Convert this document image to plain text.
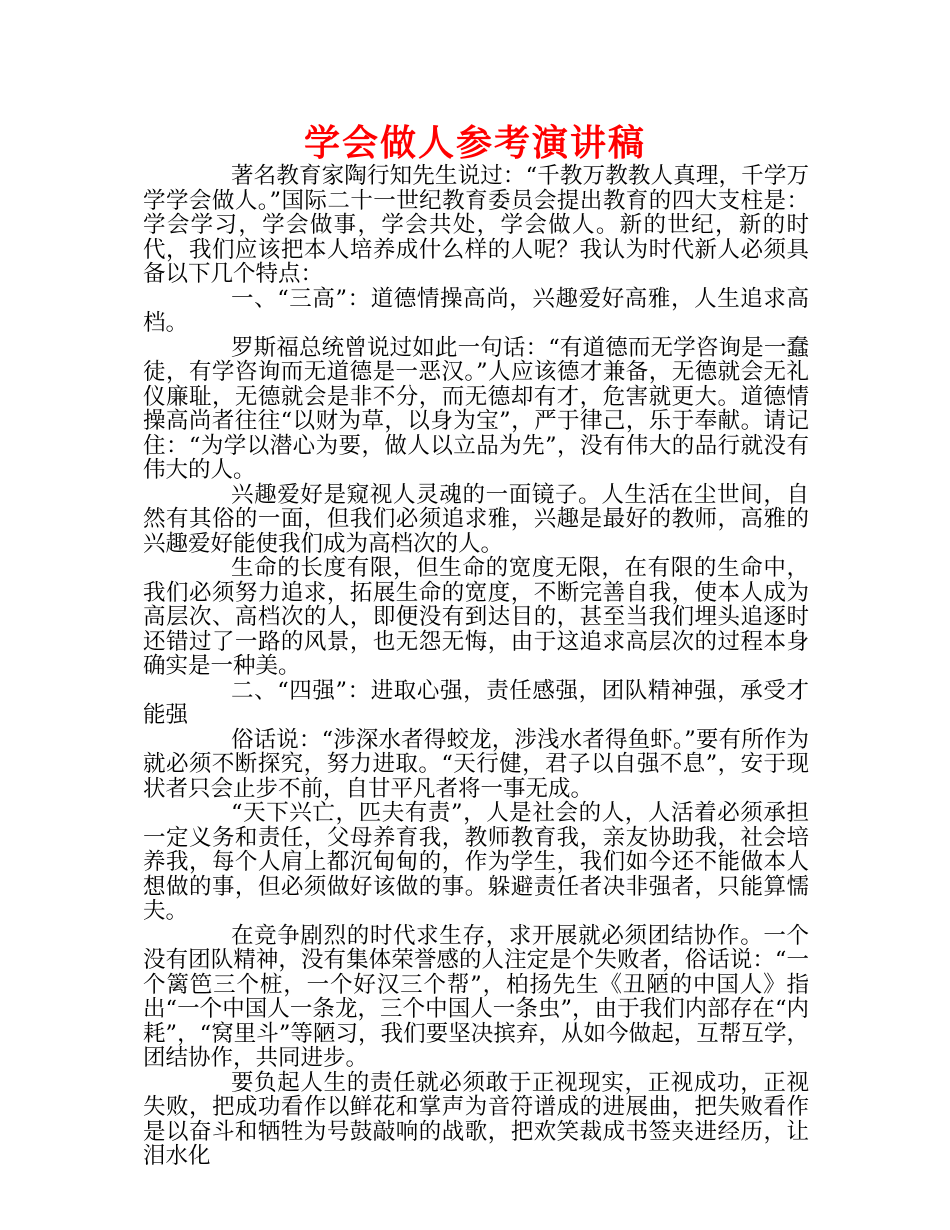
学会做人参考演讲稿

著名教育家陶行知先生说过：“千教万教教人真理，千学万学学会做人。”国际二十一世纪教育委员会提出教育的四大支柱是：学会学习，学会做事，学会共处，学会做人。新的世纪，新的时代，我们应该把本人培养成什么样的人呢？我认为时代新人必须具备以下几个特点：

一、“三高”：道德情操高尚，兴趣爱好高雅，人生追求高档。

罗斯福总统曾说过如此一句话：“有道德而无学咨询是一蠢徒，有学咨询而无道德是一恶汉。”人应该德才兼备，无德就会无礼仪廉耻，无德就会是非不分，而无德却有才，危害就更大。道德情操高尚者往往“以财为草，以身为宝”，严于律己，乐于奉献。请记住：“为学以潜心为要，做人以立品为先”，没有伟大的品行就没有伟大的人。

兴趣爱好是窥视人灵魂的一面镜子。人生活在尘世间，自然有其俗的一面，但我们必须追求雅，兴趣是最好的教师，高雅的兴趣爱好能使我们成为高档次的人。

生命的长度有限，但生命的宽度无限，在有限的生命中，我们必须努力追求，拓展生命的宽度，不断完善自我，使本人成为高层次、高档次的人，即便没有到达目的，甚至当我们埋头追逐时还错过了一路的风景，也无怨无悔，由于这追求高层次的过程本身确实是一种美。

二、“四强”：进取心强，责任感强，团队精神强，承受才能强

俗话说：“涉深水者得蛟龙，涉浅水者得鱼虾。”要有所作为就必须不断探究，努力进取。“天行健，君子以自强不息”，安于现状者只会止步不前，自甘平凡者将一事无成。

“天下兴亡，匹夫有责”，人是社会的人，人活着必须承担一定义务和责任，父母养育我，教师教育我，亲友协助我，社会培养我，每个人肩上都沉甸甸的，作为学生，我们如今还不能做本人想做的事，但必须做好该做的事。躲避责任者决非强者，只能算懦夫。

在竞争剧烈的时代求生存，求开展就必须团结协作。一个没有团队精神，没有集体荣誉感的人注定是个失败者，俗话说：“一个篱笆三个桩，一个好汉三个帮”，柏扬先生《丑陋的中国人》指出“一个中国人一条龙，三个中国人一条虫”，由于我们内部存在“内耗”，“窝里斗”等陋习，我们要坚决摈弃，从如今做起，互帮互学，团结协作，共同进步。

要负起人生的责任就必须敢于正视现实，正视成功，正视失败，把成功看作以鲜花和掌声为音符谱成的进展曲，把失败看作是以奋斗和牺牲为号鼓敲响的战歌，把欢笑裁成书签夹进经历，让泪水化
